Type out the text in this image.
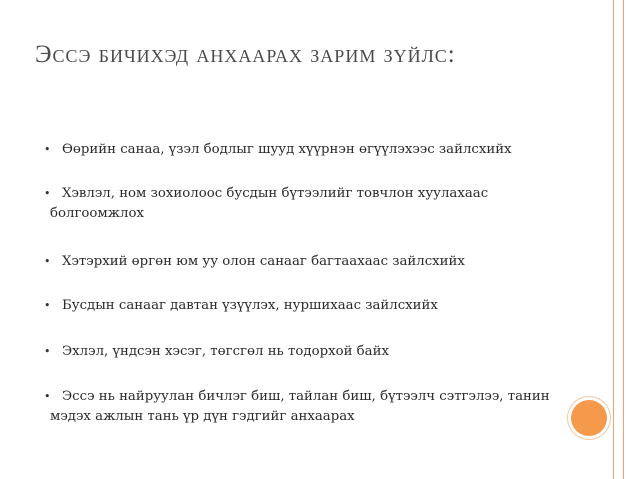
Эссэ бичихэд анхаарах зарим зүйлс:
• Өөрийн санаа, үзэл бодлыг шууд хүүрнэн өгүүлэхээс зайлсхийх
• Хэвлэл, ном зохиолоос бусдын бүтээлийг товчлон хуулахаас болгоомжлох
• Хэтэрхий өргөн юм уу олон санааг багтаахаас зайлсхийх
• Бусдын санааг давтан үзүүлэх, нуршихаас зайлсхийх
• Эхлэл, үндсэн хэсэг, төгсгөл нь тодорхой байх
• Эссэ нь найруулан бичлэг биш, тайлан биш, бүтээлч сэтгэлээ, танин мэдэх ажлын тань үр дүн гэдгийг анхаарах
